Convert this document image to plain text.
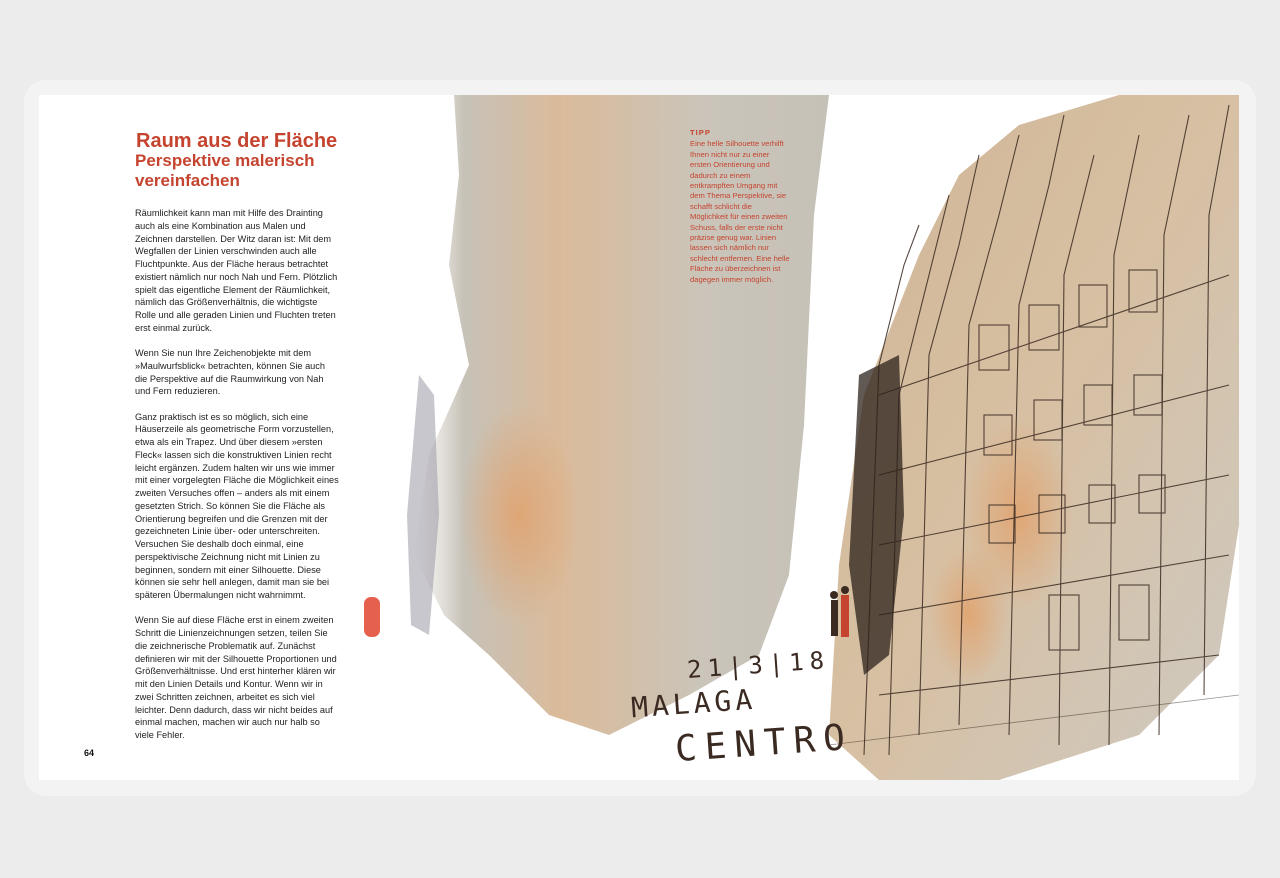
Raum aus der Fläche
Perspektive malerisch vereinfachen

Räumlichkeit kann man mit Hilfe des Drainting auch als eine Kombination aus Malen und Zeichnen darstellen. Der Witz daran ist: Mit dem Wegfallen der Linien verschwinden auch alle Fluchtpunkte. Aus der Fläche heraus betrachtet existiert nämlich nur noch Nah und Fern. Plötzlich spielt das eigentliche Element der Räumlichkeit, nämlich das Größenverhältnis, die wichtigste Rolle und alle geraden Linien und Fluchten treten erst einmal zurück.

Wenn Sie nun Ihre Zeichenobjekte mit dem »Maulwurfsblick« betrachten, können Sie auch die Perspektive auf die Raumwirkung von Nah und Fern reduzieren.

Ganz praktisch ist es so möglich, sich eine Häuserzeile als geometrische Form vorzustellen, etwa als ein Trapez. Und über diesem »ersten Fleck« lassen sich die konstruktiven Linien recht leicht ergänzen. Zudem halten wir uns wie immer mit einer vorgelegten Fläche die Möglichkeit eines zweiten Versuches offen – anders als mit einem gesetzten Strich. So können Sie die Fläche als Orientierung begreifen und die Grenzen mit der gezeichneten Linie über- oder unterschreiten. Versuchen Sie deshalb doch einmal, eine perspektivische Zeichnung nicht mit Linien zu beginnen, sondern mit einer Silhouette. Diese können sie sehr hell anlegen, damit man sie bei späteren Übermalungen nicht wahrnimmt.

Wenn Sie auf diese Fläche erst in einem zweiten Schritt die Linienzeichnungen setzen, teilen Sie die zeichnerische Problematik auf. Zunächst definieren wir mit der Silhouette Proportionen und Größenverhältnisse. Und erst hinterher klären wir mit den Linien Details und Kontur. Wenn wir in zwei Schritten zeichnen, arbeitet es sich viel leichter. Denn dadurch, dass wir nicht beides auf einmal machen, machen wir auch nur halb so viele Fehler.

64
TIPP
Eine helle Silhouette verhilft Ihnen nicht nur zu einer ersten Orientierung und dadurch zu einem entkrampften Umgang mit dem Thema Perspektive, sie schafft schlicht die Möglichkeit für einen zweiten Schuss, falls der erste nicht präzise genug war. Linien lassen sich nämlich nur schlecht entfernen. Eine helle Fläche zu überzeichnen ist dagegen immer möglich.
21|3|18
MALAGA
CENTRO
